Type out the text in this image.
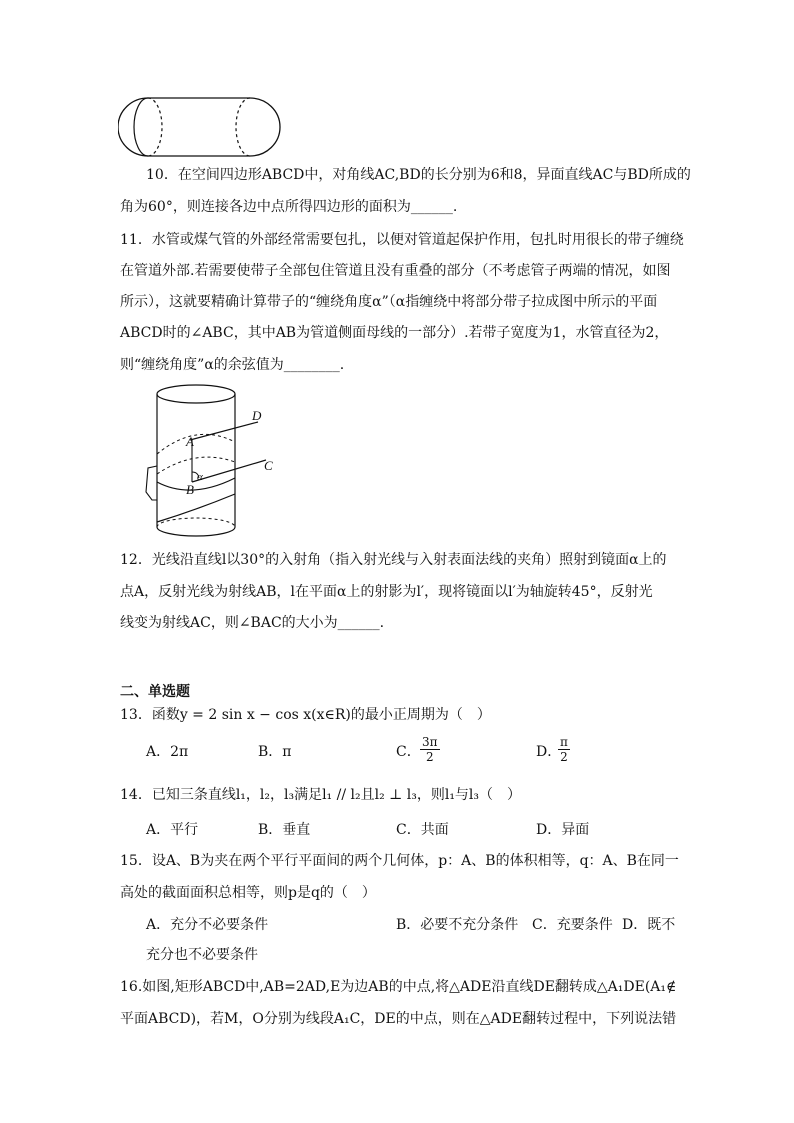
10．在空间四边形ABCD中，对角线AC,BD的长分别为6和8，异面直线AC与BD所成的
角为60°，则连接各边中点所得四边形的面积为______.
11．水管或煤气管的外部经常需要包扎，以便对管道起保护作用，包扎时用很长的带子缠绕
在管道外部.若需要使带子全部包住管道且没有重叠的部分（不考虑管子两端的情况，如图
所示），这就要精确计算带子的“缠绕角度α”（α指缠绕中将部分带子拉成图中所示的平面
ABCD时的∠ABC，其中AB为管道侧面母线的一部分）.若带子宽度为1，水管直径为2，
则“缠绕角度”α的余弦值为________.
D
C
A
B
α
12．光线沿直线l以30°的入射角（指入射光线与入射表面法线的夹角）照射到镜面α上的
点A，反射光线为射线AB，l在平面α上的射影为l′，现将镜面以l′为轴旋转45°，反射光
线变为射线AC，则∠BAC的大小为______.
二、单选题
13．函数y = 2 sin x − cos x(x∈R)的最小正周期为（　）
A．2π	B．π	C． $\frac{3\pi}{2}$	D．
$\frac{\pi}{2}$
14．已知三条直线l₁，l₂，l₃满足l₁ // l₂且l₂ ⊥ l₃，则l₁与l₃（　）
A．平行	B．垂直	C．共面	D．异面
15．设A、B为夹在两个平行平面间的两个几何体，p：A、B的体积相等，q：A、B在同一
高处的截面面积总相等，则p是q的（　）
A．充分不必要条件	B．必要不充分条件 C．充要条件 D．既不
充分也不必要条件
16.如图,矩形ABCD中,AB=2AD,E为边AB的中点,将△ADE沿直线DE翻转成△A₁DE(A₁∉
平面ABCD)，若M，O分别为线段A₁C，DE的中点，则在△ADE翻转过程中，下列说法错
